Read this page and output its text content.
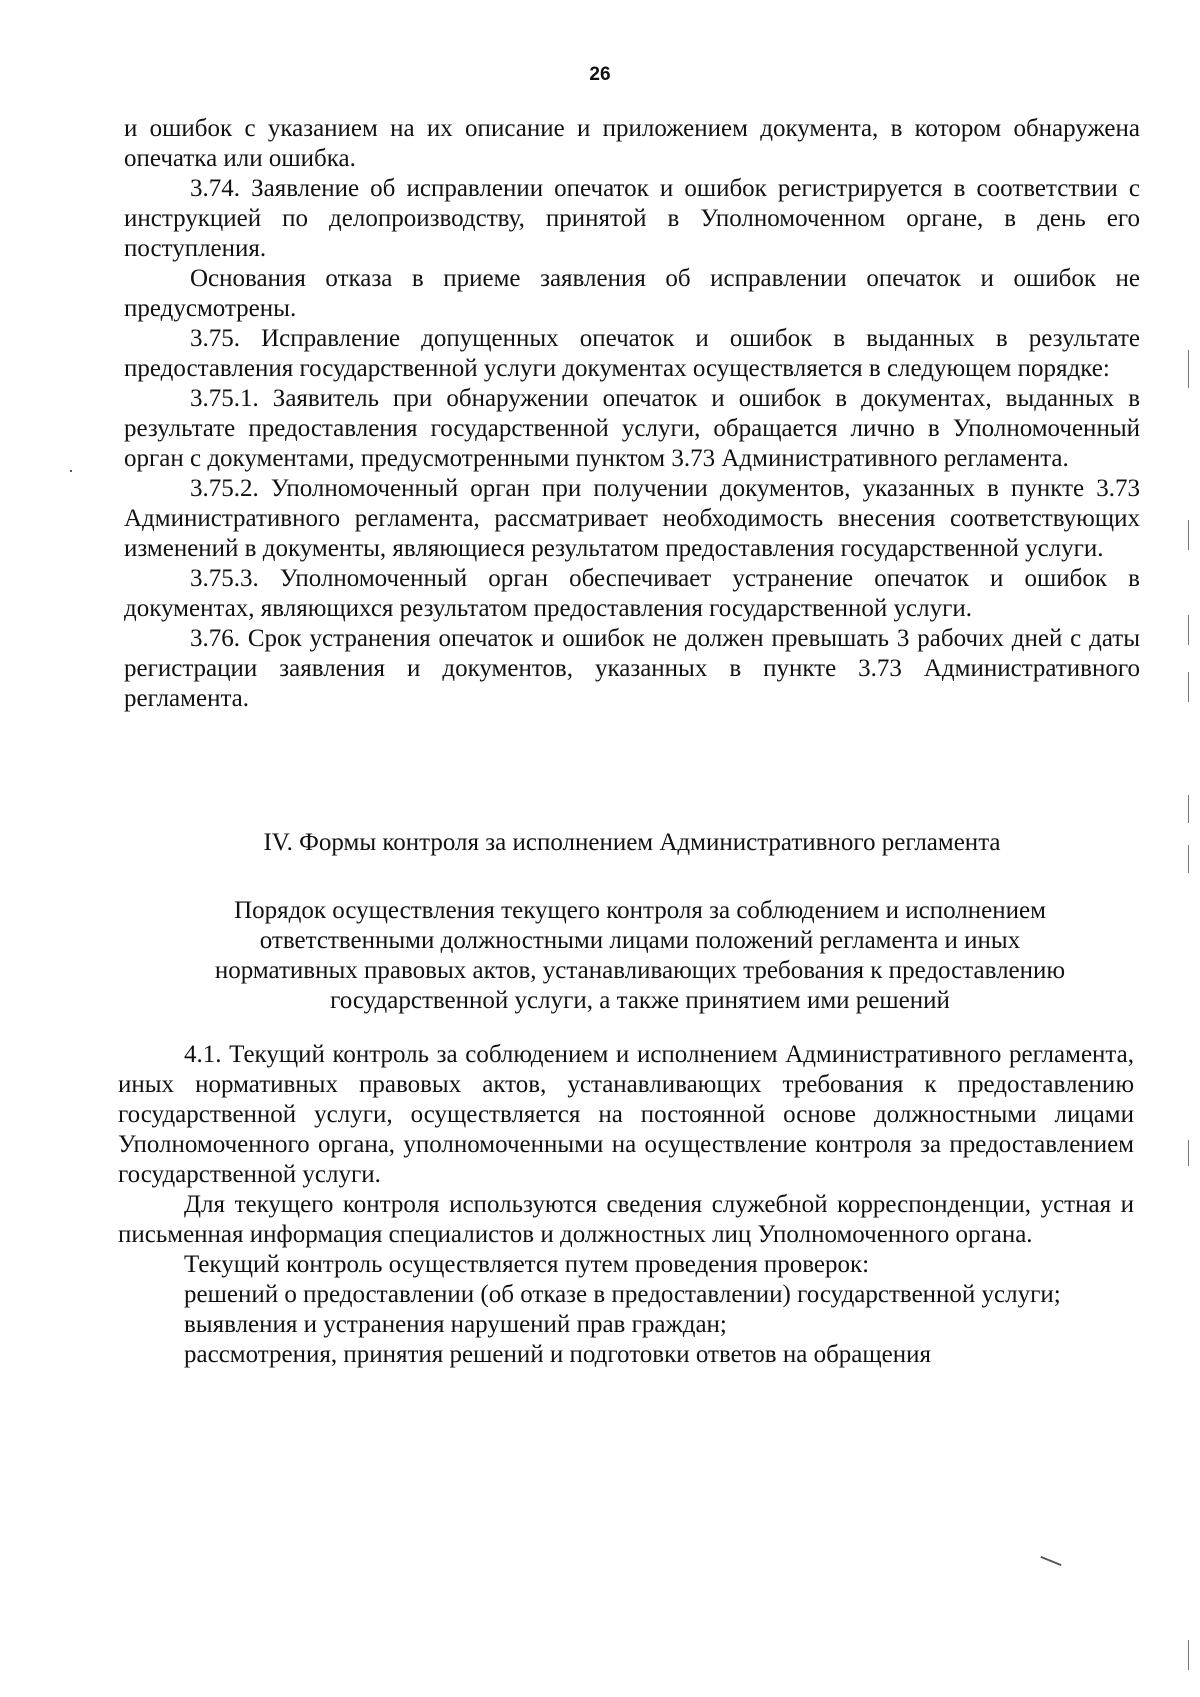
26

и ошибок с указанием на их описание и приложением документа, в котором обнаружена опечатка или ошибка.

3.74. Заявление об исправлении опечаток и ошибок регистрируется в соответствии с инструкцией по делопроизводству, принятой в Уполномоченном органе, в день его поступления.

Основания отказа в приеме заявления об исправлении опечаток и ошибок не предусмотрены.

3.75. Исправление допущенных опечаток и ошибок в выданных в результате предоставления государственной услуги документах осуществляется в следующем порядке:

3.75.1. Заявитель при обнаружении опечаток и ошибок в документах, выданных в результате предоставления государственной услуги, обращается лично в Уполномоченный орган с документами, предусмотренными пунктом 3.73 Административного регламента.

3.75.2. Уполномоченный орган при получении документов, указанных в пункте 3.73 Административного регламента, рассматривает необходимость внесения соответствующих изменений в документы, являющиеся результатом предоставления государственной услуги.

3.75.3. Уполномоченный орган обеспечивает устранение опечаток и ошибок в документах, являющихся результатом предоставления государственной услуги.

3.76. Срок устранения опечаток и ошибок не должен превышать 3 рабочих дней с даты регистрации заявления и документов, указанных в пункте 3.73 Административного регламента.

IV. Формы контроля за исполнением Административного регламента
Порядок осуществления текущего контроля за соблюдением и исполнением
ответственными должностными лицами положений регламента и иных
нормативных правовых актов, устанавливающих требования к предоставлению
государственной услуги, а также принятием ими решений

4.1. Текущий контроль за соблюдением и исполнением Административного регламента, иных нормативных правовых актов, устанавливающих требования к предоставлению государственной услуги, осуществляется на постоянной основе должностными лицами Уполномоченного органа, уполномоченными на осуществление контроля за предоставлением государственной услуги.

Для текущего контроля используются сведения служебной корреспонденции, устная и письменная информация специалистов и должностных лиц Уполномоченного органа.

Текущий контроль осуществляется путем проведения проверок:

решений о предоставлении (об отказе в предоставлении) государственной услуги;

выявления и устранения нарушений прав граждан;

рассмотрения, принятия решений и подготовки ответов на обращения
